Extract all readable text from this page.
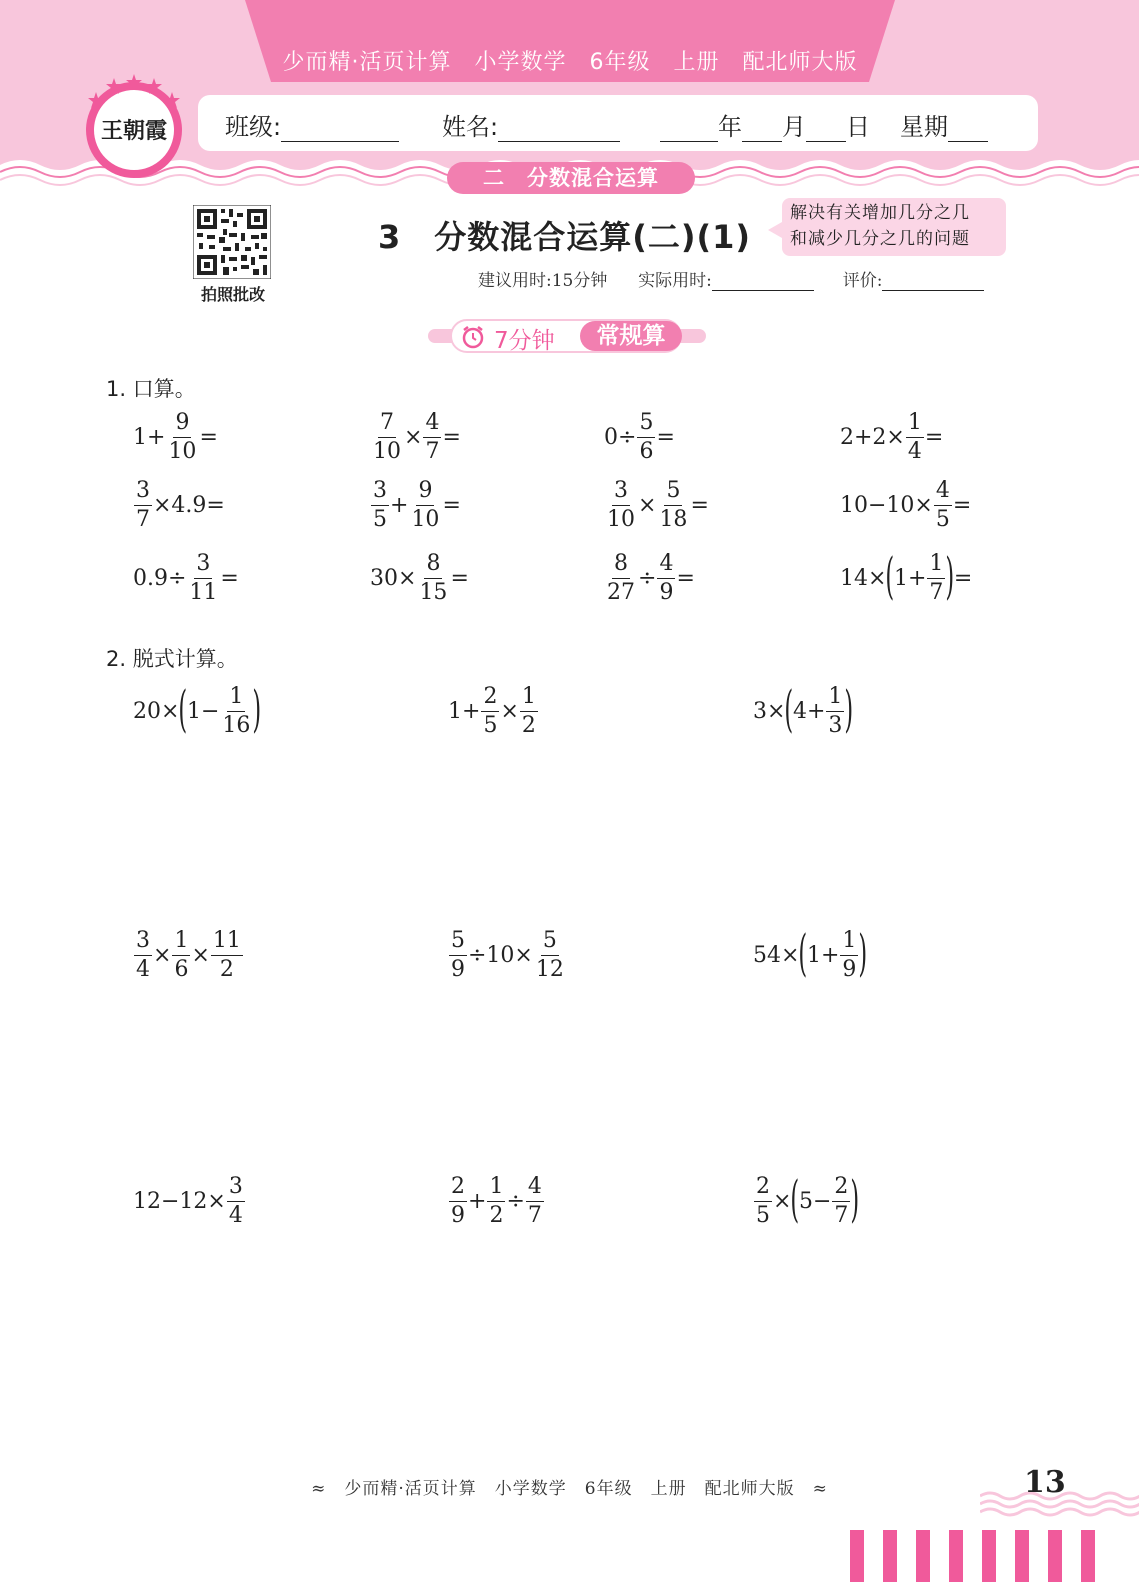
少而精·活页计算　小学数学　6年级　上册　配北师大版
班级:	姓名:	年 月 日 星期
二　分数混合运算
王朝霞
拍照批改
3　分数混合运算(二)(1)
解决有关增加几分之几
和减少几分之几的问题
建议用时:15分钟 实际用时:	评价:
7分钟	常规算
1. 口算。
$1+ \frac{9}{10}$ =	$\frac{7}{10} \times \frac{4}{7}$ =	$0\div \frac{5}{6}$ =	$2+2\times \frac{1}{4}$ =
$\frac{3}{7} \times 4.9=$	$\frac{3}{5} + \frac{9}{10}$ =	$\frac{3}{10} \times \frac{5}{18}$ =	$10-10\times \frac{4}{5}$ =
$0.9\div \frac{3}{11}$ =	$30\times \frac{8}{15}$ =	$\frac{8}{27} \div \frac{4}{9}$ =	14× ( $1+ \frac{1}{7}$ ) =
2. 脱式计算。
20× ( $1- \frac{1}{16}$ )	$1+ \frac{2}{5} \times \frac{1}{2}$	3× ( $4+ \frac{1}{3}$ )
$\frac{3}{4} \times \frac{1}{6} \times \frac{11}{2}$	$\frac{5}{9} \div 10\times \frac{5}{12}$	54× ( $1+ \frac{1}{9}$ )
$12-12\times \frac{3}{4}$	$\frac{2}{9} + \frac{1}{2} \div \frac{4}{7}$	$\frac{2}{5}$ × ( $5- \frac{2}{7}$ )
≈　少而精·活页计算　小学数学　6年级　上册　配北师大版　≈	13
